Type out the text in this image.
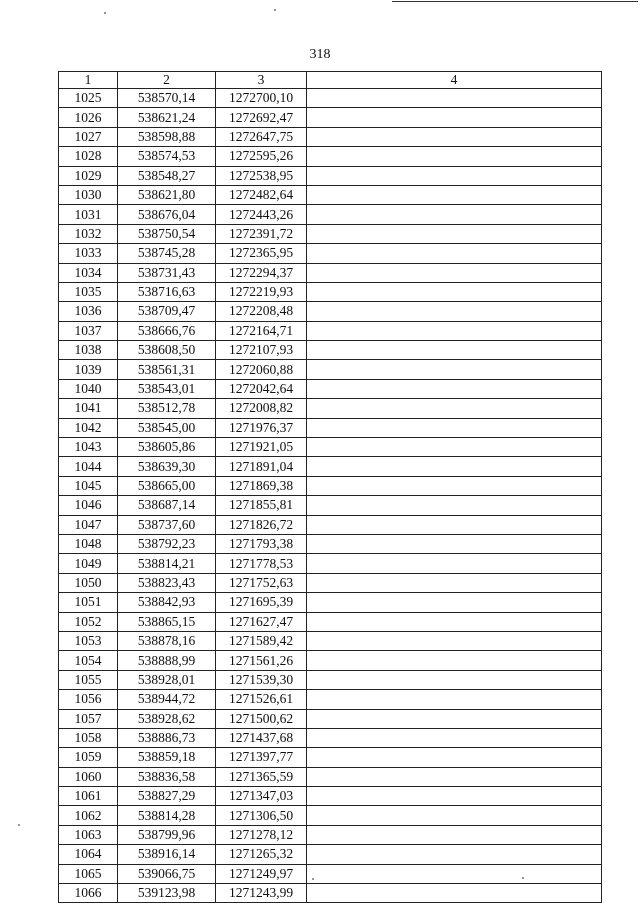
318
1	2	3	4
1025	538570,14	1272700,10	
1026	538621,24	1272692,47	
1027	538598,88	1272647,75	
1028	538574,53	1272595,26	
1029	538548,27	1272538,95	
1030	538621,80	1272482,64	
1031	538676,04	1272443,26	
1032	538750,54	1272391,72	
1033	538745,28	1272365,95	
1034	538731,43	1272294,37	
1035	538716,63	1272219,93	
1036	538709,47	1272208,48	
1037	538666,76	1272164,71	
1038	538608,50	1272107,93	
1039	538561,31	1272060,88	
1040	538543,01	1272042,64	
1041	538512,78	1272008,82	
1042	538545,00	1271976,37	
1043	538605,86	1271921,05	
1044	538639,30	1271891,04	
1045	538665,00	1271869,38	
1046	538687,14	1271855,81	
1047	538737,60	1271826,72	
1048	538792,23	1271793,38	
1049	538814,21	1271778,53	
1050	538823,43	1271752,63	
1051	538842,93	1271695,39	
1052	538865,15	1271627,47	
1053	538878,16	1271589,42	
1054	538888,99	1271561,26	
1055	538928,01	1271539,30	
1056	538944,72	1271526,61	
1057	538928,62	1271500,62	
1058	538886,73	1271437,68	
1059	538859,18	1271397,77	
1060	538836,58	1271365,59	
1061	538827,29	1271347,03	
1062	538814,28	1271306,50	
1063	538799,96	1271278,12	
1064	538916,14	1271265,32	
1065	539066,75	1271249,97	
1066	539123,98	1271243,99	
